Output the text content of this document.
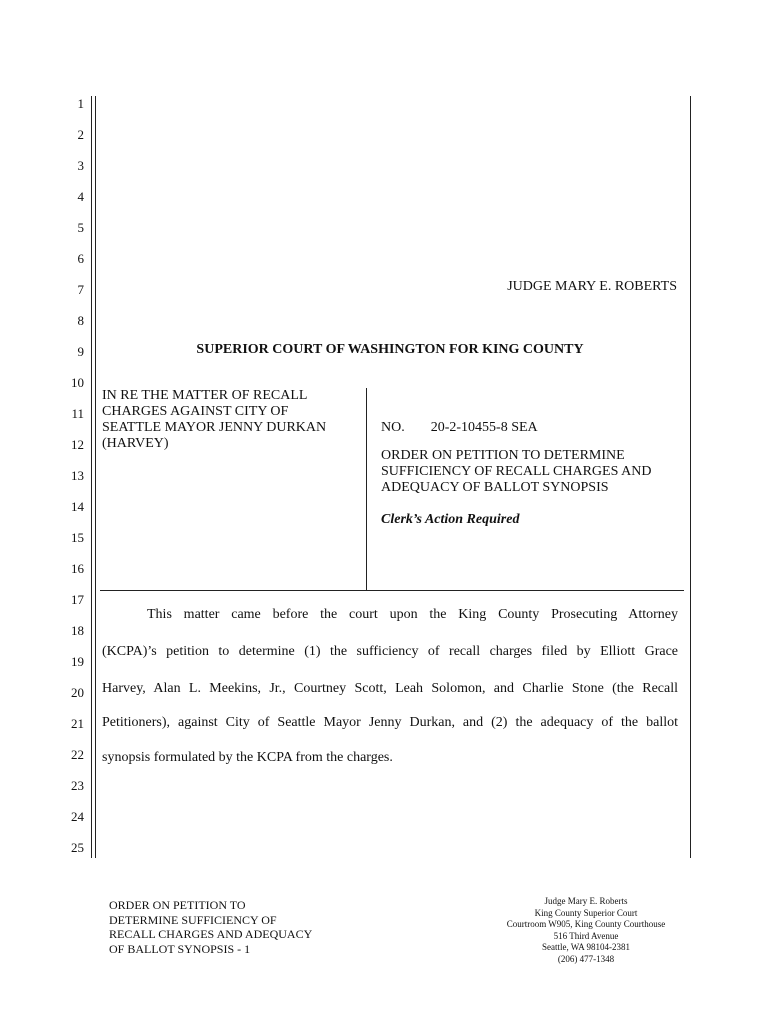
1
2
3
4
5
6
7
8
9
10
11
12
13
14
15
16
17
18
19
20
21
22
23
24
25
JUDGE MARY E. ROBERTS
SUPERIOR COURT OF WASHINGTON FOR KING COUNTY
IN RE THE MATTER OF RECALL
CHARGES AGAINST CITY OF
SEATTLE MAYOR JENNY DURKAN
(HARVEY)
NO. 20-2-10455-8 SEA
ORDER ON PETITION TO DETERMINE
SUFFICIENCY OF RECALL CHARGES AND
ADEQUACY OF BALLOT SYNOPSIS
Clerk’s Action Required
This matter came before the court upon the King County Prosecuting Attorney
(KCPA)’s petition to determine (1) the sufficiency of recall charges filed by Elliott Grace
Harvey, Alan L. Meekins, Jr., Courtney Scott, Leah Solomon, and Charlie Stone (the Recall
Petitioners), against City of Seattle Mayor Jenny Durkan, and (2) the adequacy of the ballot
synopsis formulated by the KCPA from the charges.
ORDER ON PETITION TO
DETERMINE SUFFICIENCY OF
RECALL CHARGES AND ADEQUACY
OF BALLOT SYNOPSIS - 1
Judge Mary E. Roberts
King County Superior Court
Courtroom W905, King County Courthouse
516 Third Avenue
Seattle, WA 98104-2381
(206) 477-1348
